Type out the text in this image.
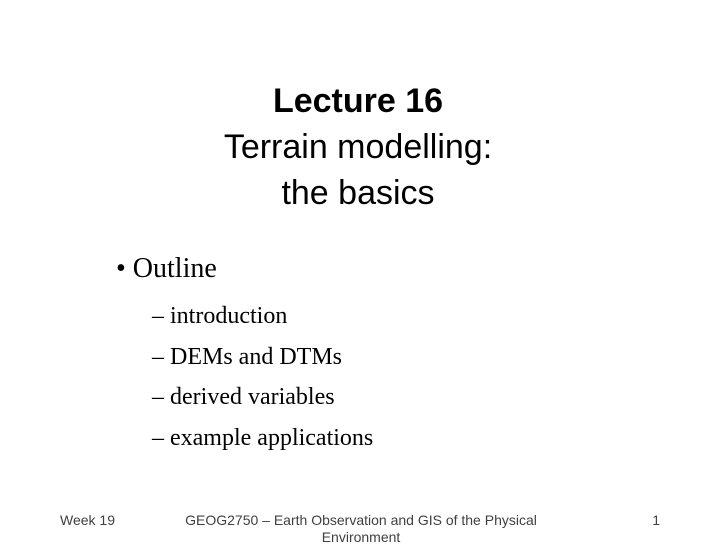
Lecture 16
Terrain modelling:
the basics
• Outline
– introduction
– DEMs and DTMs
– derived variables
– example applications
Week 19	GEOG2750 – Earth Observation and GIS of the Physical Environment
1
